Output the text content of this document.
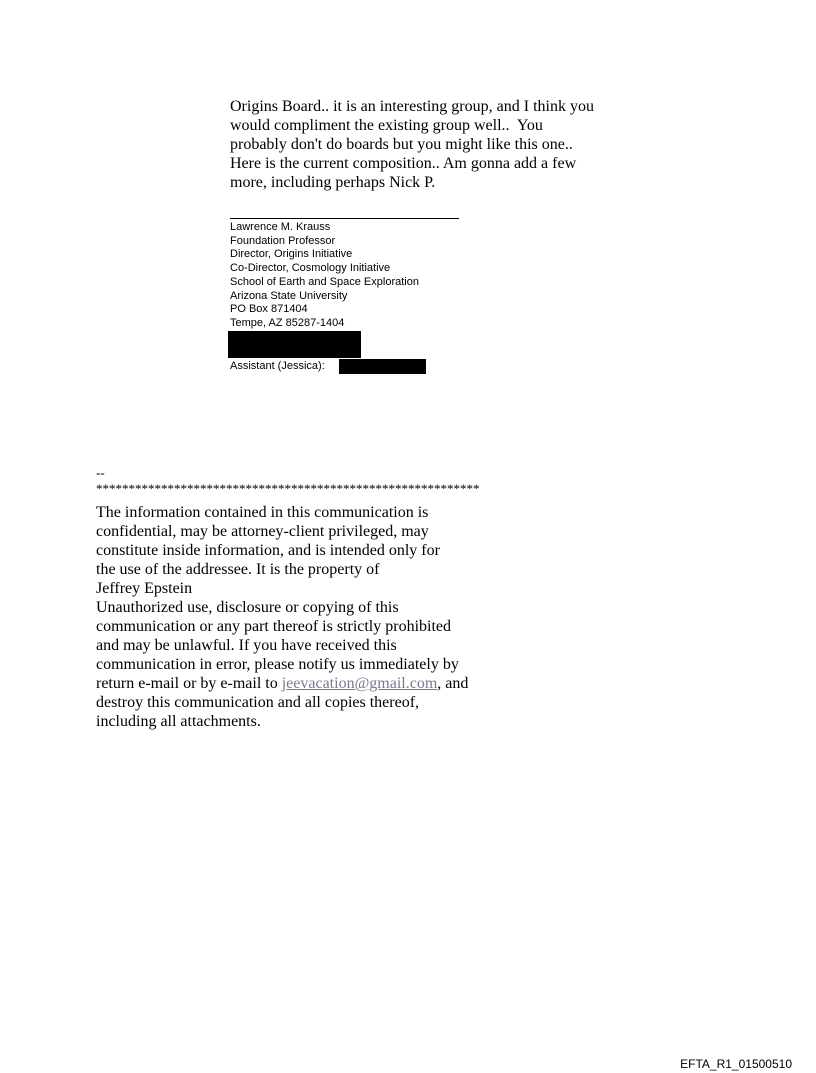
Origins Board.. it is an interesting group, and I think you
would compliment the existing group well..  You
probably don't do boards but you might like this one..
Here is the current composition.. Am gonna add a few
more, including perhaps Nick P.
Lawrence M. Krauss
Foundation Professor
Director, Origins Initiative
Co-Director, Cosmology Initiative
School of Earth and Space Exploration
Arizona State University
PO Box 871404
Tempe, AZ 85287-1404
Assistant (Jessica):
--
***********************************************************
The information contained in this communication is
confidential, may be attorney-client privileged, may
constitute inside information, and is intended only for
the use of the addressee. It is the property of
Jeffrey Epstein
Unauthorized use, disclosure or copying of this
communication or any part thereof is strictly prohibited
and may be unlawful. If you have received this
communication in error, please notify us immediately by
return e-mail or by e-mail to jeevacation@gmail.com, and
destroy this communication and all copies thereof,
including all attachments.
EFTA_R1_01500510
